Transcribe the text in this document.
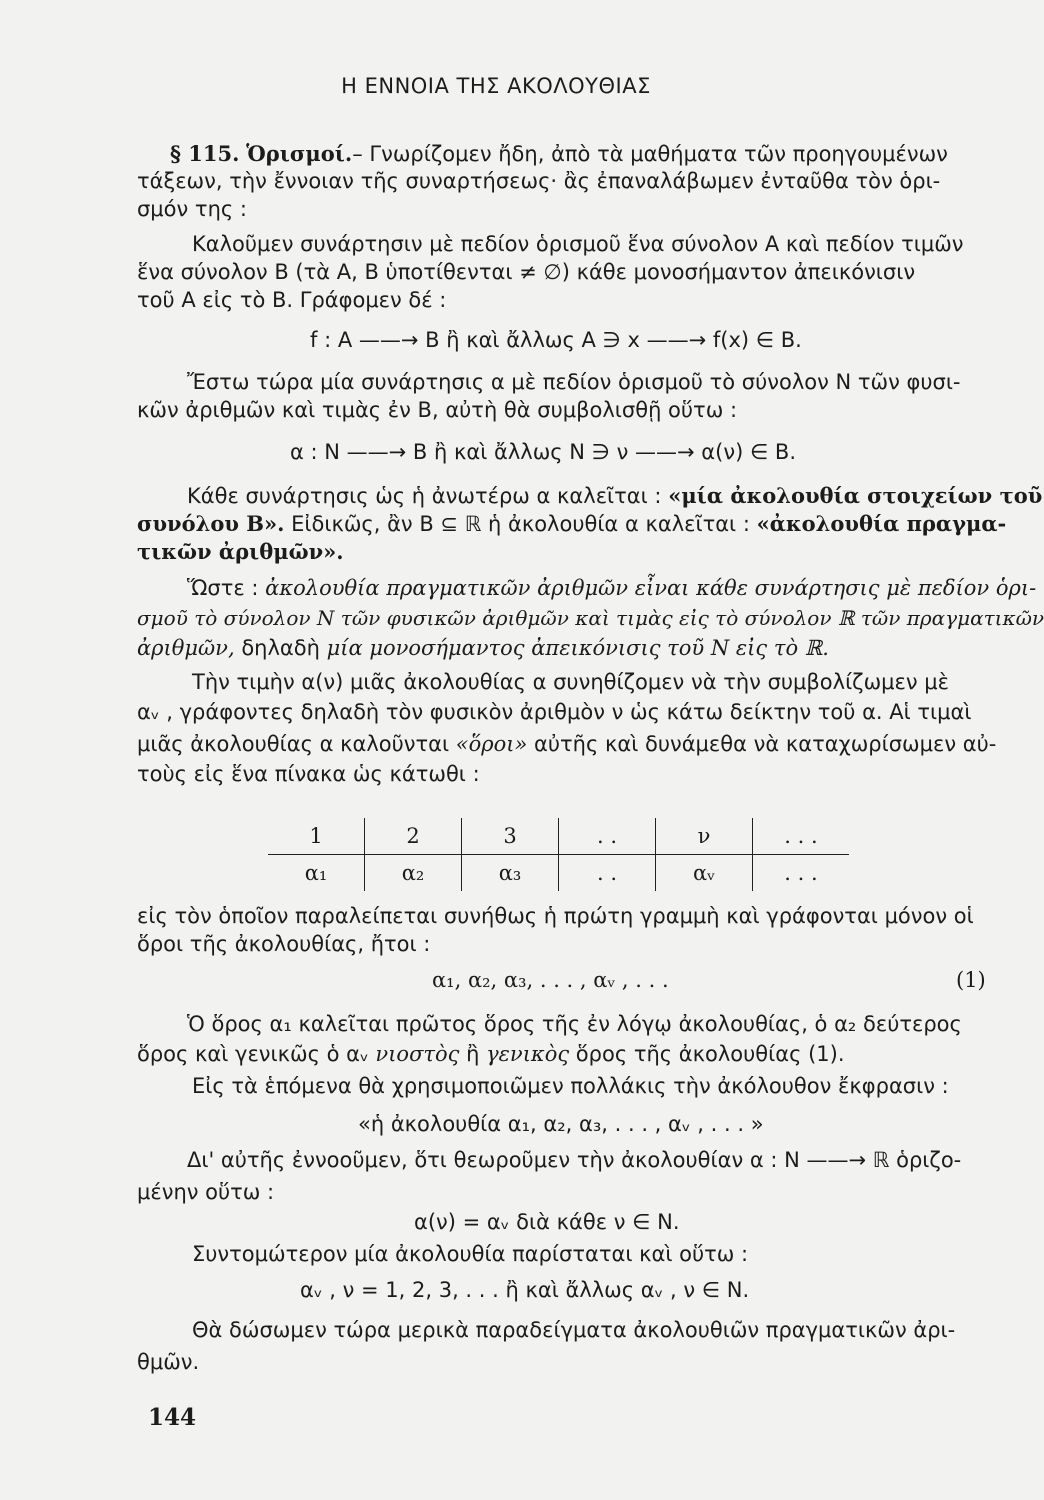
Η ΕΝΝΟΙΑ ΤΗΣ ΑΚΟΛΟΥΘΙΑΣ
§ 115. Ὁρισμοί.– Γνωρίζομεν ἤδη, ἀπὸ τὰ μαθήματα τῶν προηγουμένων
τάξεων, τὴν ἔννοιαν τῆς συναρτήσεως· ἂς ἐπαναλάβωμεν ἐνταῦθα τὸν ὁρι-
σμόν της :
Καλοῦμεν συνάρτησιν μὲ πεδίον ὁρισμοῦ ἕνα σύνολον A καὶ πεδίον τιμῶν
ἕνα σύνολον B (τὰ A, B ὑποτίθενται ≠ ∅) κάθε μονοσήμαντον ἀπεικόνισιν
τοῦ A εἰς τὸ B. Γράφομεν δέ :
f : A ——→ B ἢ καὶ ἄλλως A ∋ x ——→ f(x) ∈ B.
Ἔστω τώρα μία συνάρτησις α μὲ πεδίον ὁρισμοῦ τὸ σύνολον N τῶν φυσι-
κῶν ἀριθμῶν καὶ τιμὰς ἐν B, αὐτὴ θὰ συμβολισθῇ οὕτω :
α : N ——→ B ἢ καὶ ἄλλως N ∋ ν ——→ α(ν) ∈ B.
Κάθε συνάρτησις ὡς ἡ ἀνωτέρω α καλεῖται : «μία ἀκολουθία στοιχείων τοῦ
συνόλου B». Εἰδικῶς, ἂν B ⊆ ℝ ἡ ἀκολουθία α καλεῖται : «ἀκολουθία πραγμα-
τικῶν ἀριθμῶν».
Ὥστε : ἀκολουθία πραγματικῶν ἀριθμῶν εἶναι κάθε συνάρτησις μὲ πεδίον ὁρι-
σμοῦ τὸ σύνολον N τῶν φυσικῶν ἀριθμῶν καὶ τιμὰς εἰς τὸ σύνολον ℝ τῶν πραγματικῶν
ἀριθμῶν, δηλαδὴ μία μονοσήμαντος ἀπεικόνισις τοῦ N εἰς τὸ ℝ.
Τὴν τιμὴν α(ν) μιᾶς ἀκολουθίας α συνηθίζομεν νὰ τὴν συμβολίζωμεν μὲ
αᵥ , γράφοντες δηλαδὴ τὸν φυσικὸν ἀριθμὸν ν ὡς κάτω δείκτην τοῦ α. Αἱ τιμαὶ
μιᾶς ἀκολουθίας α καλοῦνται «ὅροι» αὐτῆς καὶ δυνάμεθα νὰ καταχωρίσωμεν αὐ-
τοὺς εἰς ἕνα πίνακα ὡς κάτωθι :
1	2	3	. .	ν	. . .
α₁	α₂	α₃	. .	αᵥ	. . .
εἰς τὸν ὁποῖον παραλείπεται συνήθως ἡ πρώτη γραμμὴ καὶ γράφονται μόνον οἱ
ὅροι τῆς ἀκολουθίας, ἤτοι :
α₁, α₂, α₃, . . . , αᵥ , . . .	(1)
Ὁ ὅρος α₁ καλεῖται πρῶτος ὅρος τῆς ἐν λόγῳ ἀκολουθίας, ὁ α₂ δεύτερος
ὅρος καὶ γενικῶς ὁ αᵥ νιοστὸς ἢ γενικὸς ὅρος τῆς ἀκολουθίας (1).
Εἰς τὰ ἑπόμενα θὰ χρησιμοποιῶμεν πολλάκις τὴν ἀκόλουθον ἔκφρασιν :
«ἡ ἀκολουθία α₁, α₂, α₃, . . . , αᵥ , . . . »
Δι' αὐτῆς ἐννοοῦμεν, ὅτι θεωροῦμεν τὴν ἀκολουθίαν α : N ——→ ℝ ὁριζο-
μένην οὕτω :
α(ν) = αᵥ διὰ κάθε ν ∈ N.
Συντομώτερον μία ἀκολουθία παρίσταται καὶ οὕτω :
αᵥ , ν = 1, 2, 3, . . . ἢ καὶ ἄλλως αᵥ , ν ∈ N.
Θὰ δώσωμεν τώρα μερικὰ παραδείγματα ἀκολουθιῶν πραγματικῶν ἀρι-
θμῶν.
144
